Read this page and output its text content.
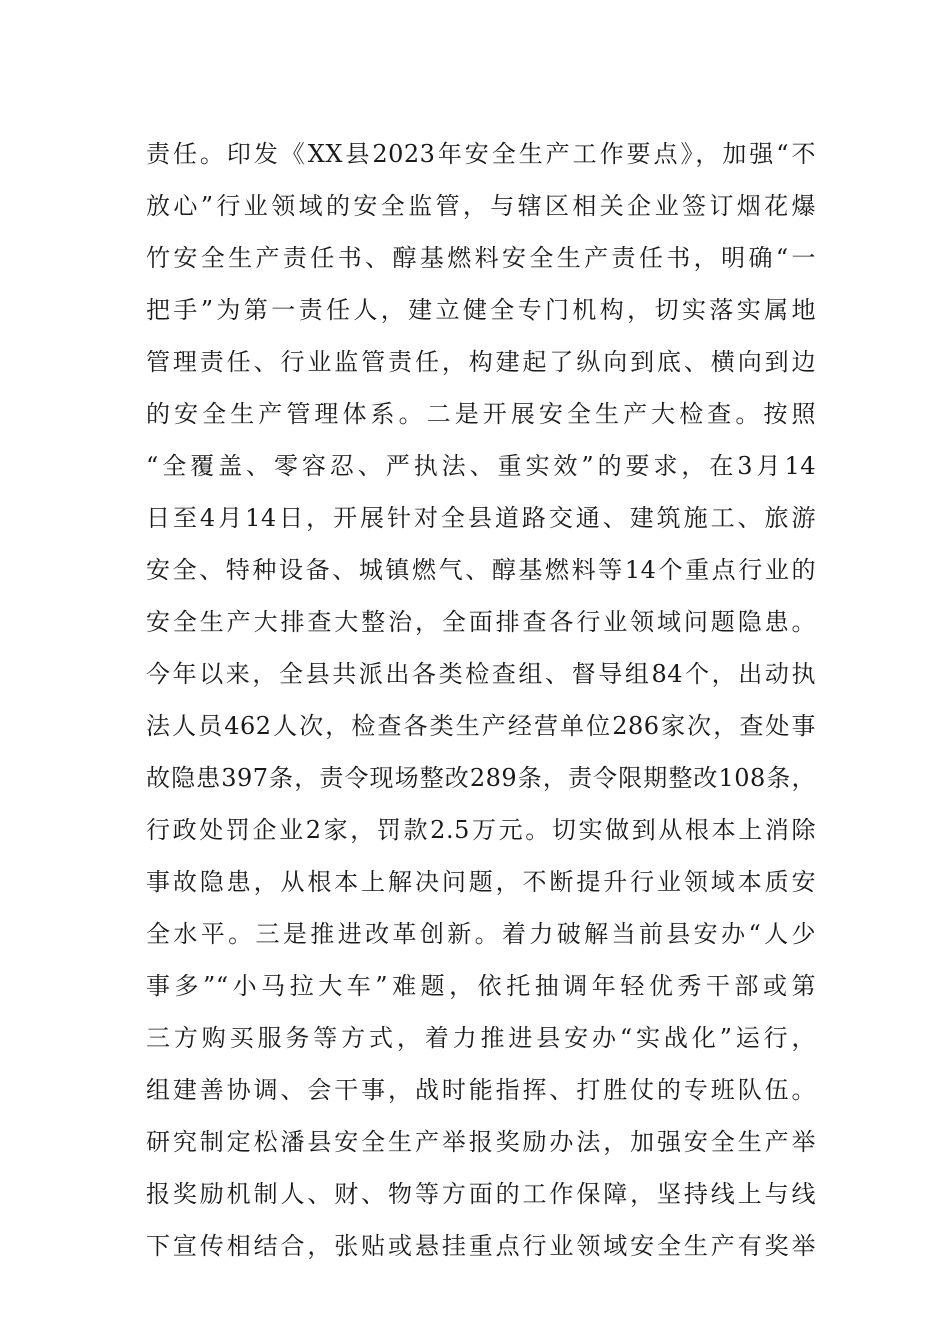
责任。印发《XX县2023年安全生产工作要点》，加强“不
放心”行业领域的安全监管，与辖区相关企业签订烟花爆
竹安全生产责任书、醇基燃料安全生产责任书，明确“一
把手”为第一责任人，建立健全专门机构，切实落实属地
管理责任、行业监管责任，构建起了纵向到底、横向到边
的安全生产管理体系。二是开展安全生产大检查。按照
“全覆盖、零容忍、严执法、重实效”的要求，在3月14
日至4月14日，开展针对全县道路交通、建筑施工、旅游
安全、特种设备、城镇燃气、醇基燃料等14个重点行业的
安全生产大排查大整治，全面排查各行业领域问题隐患。
今年以来，全县共派出各类检查组、督导组84个，出动执
法人员462人次，检查各类生产经营单位286家次，查处事
故隐患397条，责令现场整改289条，责令限期整改108条，
行政处罚企业2家，罚款2.5万元。切实做到从根本上消除
事故隐患，从根本上解决问题，不断提升行业领域本质安
全水平。三是推进改革创新。着力破解当前县安办“人少
事多”“小马拉大车”难题，依托抽调年轻优秀干部或第
三方购买服务等方式，着力推进县安办“实战化”运行，
组建善协调、会干事，战时能指挥、打胜仗的专班队伍。
研究制定松潘县安全生产举报奖励办法，加强安全生产举
报奖励机制人、财、物等方面的工作保障，坚持线上与线
下宣传相结合，张贴或悬挂重点行业领域安全生产有奖举
